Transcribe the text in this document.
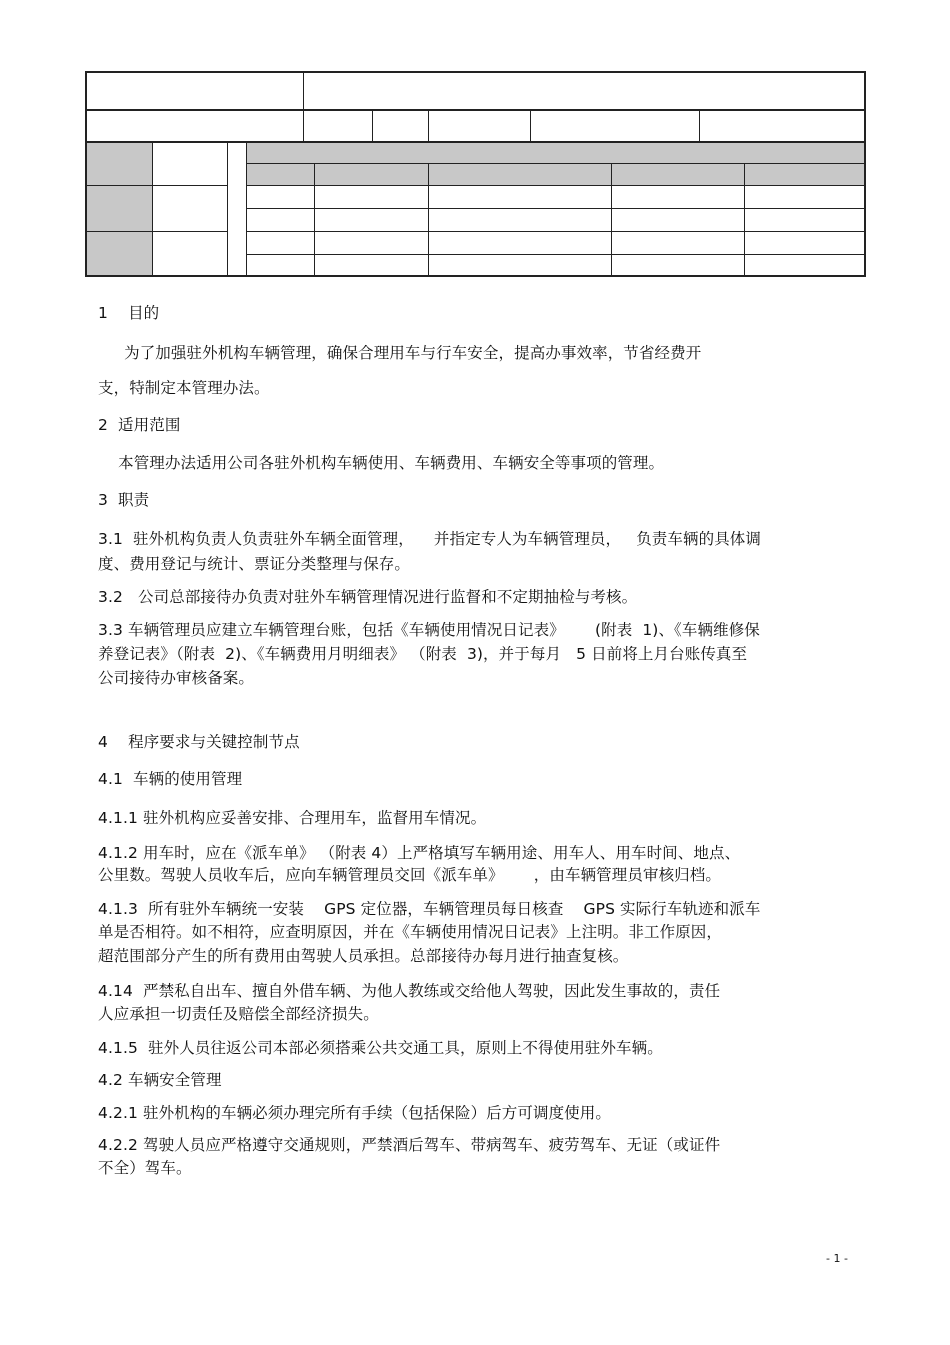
1    目的
为了加强驻外机构车辆管理，确保合理用车与行车安全，提高办事效率，节省经费开
支，特制定本管理办法。
2  适用范围
本管理办法适用公司各驻外机构车辆使用、车辆费用、车辆安全等事项的管理。
3  职责
3.1  驻外机构负责人负责驻外车辆全面管理，    并指定专人为车辆管理员，   负责车辆的具体调
度、费用登记与统计、票证分类整理与保存。
3.2   公司总部接待办负责对驻外车辆管理情况进行监督和不定期抽检与考核。
3.3 车辆管理员应建立车辆管理台账，包括《车辆使用情况日记表》      (附表  1)、《车辆维修保
养登记表》（附表  2)、《车辆费用月明细表》 （附表  3)，并于每月   5 日前将上月台账传真至
公司接待办审核备案。
4    程序要求与关键控制节点
4.1  车辆的使用管理
4.1.1 驻外机构应妥善安排、合理用车，监督用车情况。
4.1.2 用车时，应在《派车单》 （附表 4）上严格填写车辆用途、用车人、用车时间、地点、
公里数。驾驶人员收车后，应向车辆管理员交回《派车单》      ，由车辆管理员审核归档。
4.1.3  所有驻外车辆统一安装    GPS 定位器，车辆管理员每日核查    GPS 实际行车轨迹和派车
单是否相符。如不相符，应查明原因，并在《车辆使用情况日记表》上注明。非工作原因，
超范围部分产生的所有费用由驾驶人员承担。总部接待办每月进行抽查复核。
4.14  严禁私自出车、擅自外借车辆、为他人教练或交给他人驾驶，因此发生事故的，责任
人应承担一切责任及赔偿全部经济损失。
4.1.5  驻外人员往返公司本部必须搭乘公共交通工具，原则上不得使用驻外车辆。
4.2 车辆安全管理
4.2.1 驻外机构的车辆必须办理完所有手续（包括保险）后方可调度使用。
4.2.2 驾驶人员应严格遵守交通规则，严禁酒后驾车、带病驾车、疲劳驾车、无证（或证件
不全）驾车。
- 1 -
